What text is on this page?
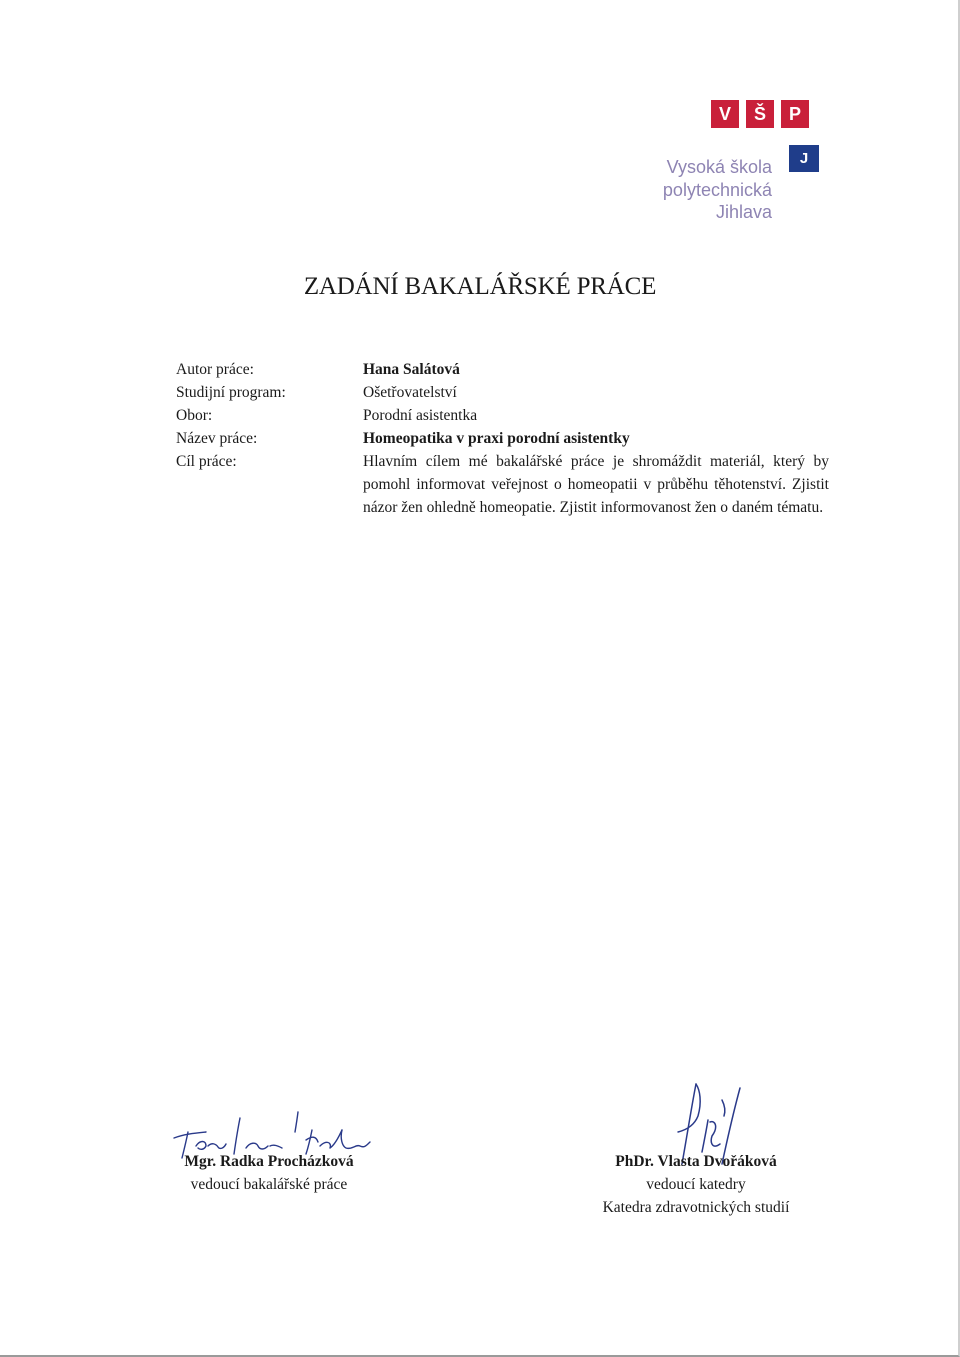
V	Š	P
J
Vysoká škola
polytechnická
Jihlava
ZADÁNÍ BAKALÁŘSKÉ PRÁCE
Autor práce:	Hana Salátová
Studijní program:	Ošetřovatelství
Obor:	Porodní asistentka
Název práce:	Homeopatika v praxi porodní asistentky
Cíl práce:	Hlavním cílem mé bakalářské práce je shromáždit materiál, který by pomohl informovat veřejnost o homeopatii v průběhu těhotenství. Zjistit názor žen ohledně homeopatie. Zjistit informovanost žen o daném tématu.
Mgr. Radka Procházková
vedoucí bakalářské práce
PhDr. Vlasta Dvořáková
vedoucí katedry
Katedra zdravotnických studií
